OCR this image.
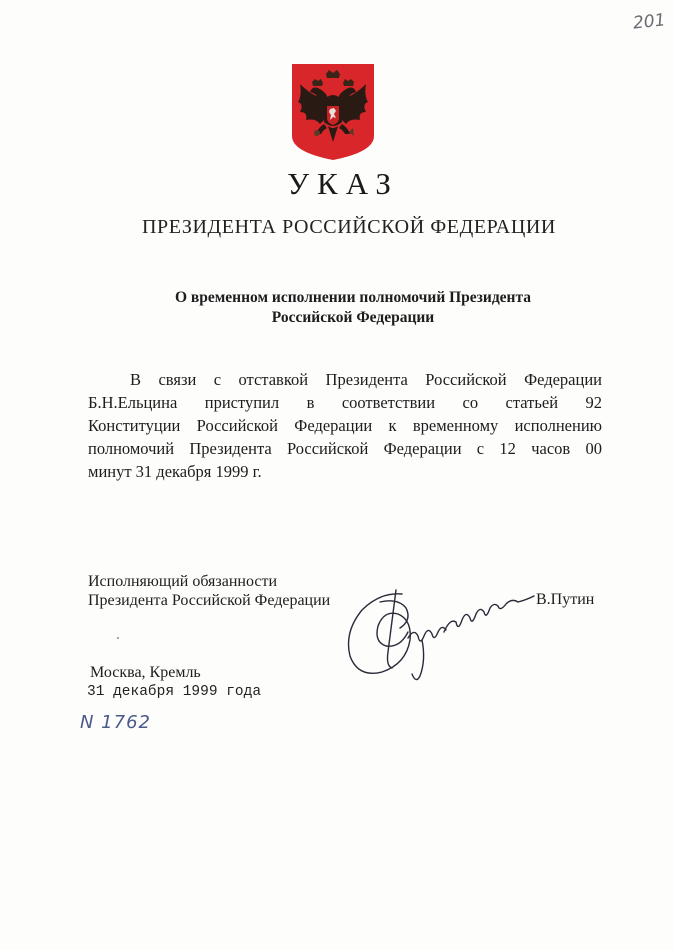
201
УКАЗ
ПРЕЗИДЕНТА РОССИЙСКОЙ ФЕДЕРАЦИИ
О временном исполнении полномочий Президента
Российской Федерации
В связи с отставкой Президента Российской Федерации
Б.Н.Ельцина приступил в соответствии со статьей 92
Конституции Российской Федерации к временному исполнению
полномочий Президента Российской Федерации с 12 часов 00
минут 31 декабря 1999 г.
Исполняющий обязанности
Президента Российской Федерации	В.Путин
Москва, Кремль
31 декабря 1999 года
N 1762
